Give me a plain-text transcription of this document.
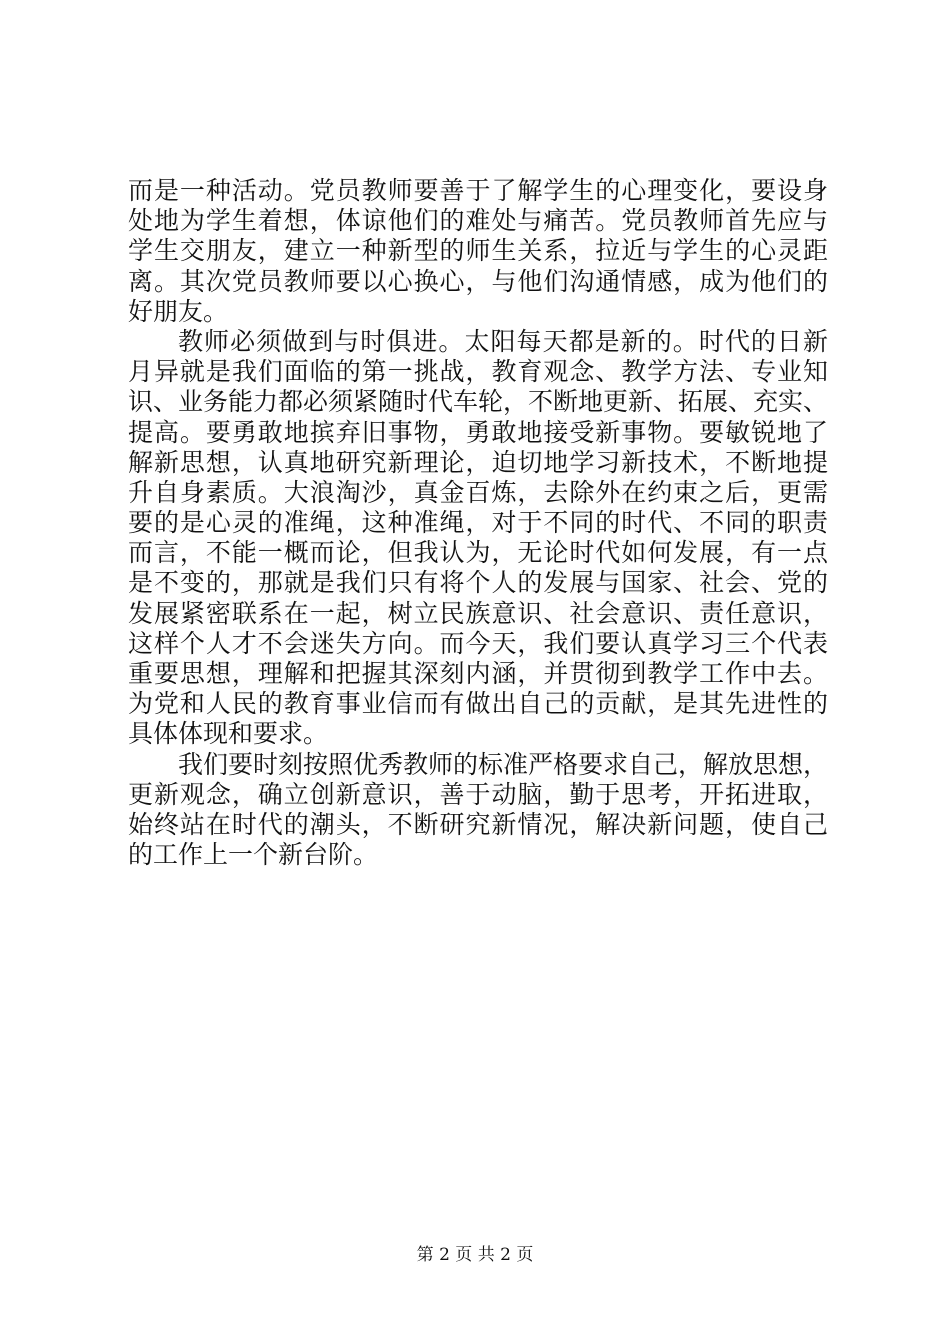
而是一种活动。党员教师要善于了解学生的心理变化，要设身
处地为学生着想，体谅他们的难处与痛苦。党员教师首先应与
学生交朋友，建立一种新型的师生关系，拉近与学生的心灵距
离。其次党员教师要以心换心，与他们沟通情感，成为他们的
好朋友。
教师必须做到与时俱进。太阳每天都是新的。时代的日新
月异就是我们面临的第一挑战，教育观念、教学方法、专业知
识、业务能力都必须紧随时代车轮，不断地更新、拓展、充实、
提高。要勇敢地摈弃旧事物，勇敢地接受新事物。要敏锐地了
解新思想，认真地研究新理论，迫切地学习新技术，不断地提
升自身素质。大浪淘沙，真金百炼，去除外在约束之后，更需
要的是心灵的准绳，这种准绳，对于不同的时代、不同的职责
而言，不能一概而论，但我认为，无论时代如何发展，有一点
是不变的，那就是我们只有将个人的发展与国家、社会、党的
发展紧密联系在一起，树立民族意识、社会意识、责任意识，
这样个人才不会迷失方向。而今天，我们要认真学习三个代表
重要思想，理解和把握其深刻内涵，并贯彻到教学工作中去。
为党和人民的教育事业信而有做出自己的贡献，是其先进性的
具体体现和要求。
我们要时刻按照优秀教师的标准严格要求自己，解放思想，
更新观念，确立创新意识，善于动脑，勤于思考，开拓进取，
始终站在时代的潮头，不断研究新情况，解决新问题，使自己
的工作上一个新台阶。
第 2 页 共 2 页
